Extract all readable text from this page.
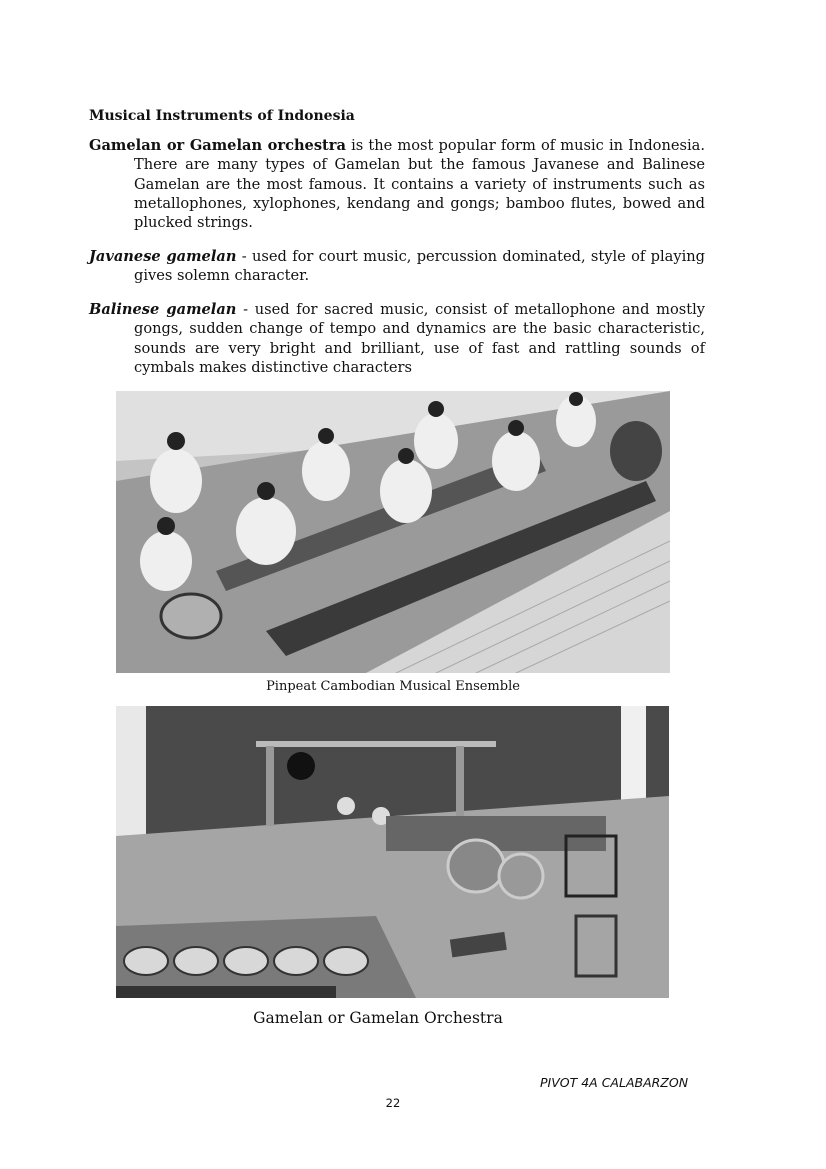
Musical Instruments of Indonesia
Gamelan or Gamelan orchestra is the most popular form of music in Indonesia. There are many types of Gamelan but the famous Javanese and Balinese Gamelan are the most famous. It contains a variety of instruments such as metallophones, xylophones, kendang and gongs; bamboo flutes, bowed and plucked strings.
Javanese gamelan - used for court music, percussion dominated, style of playing gives solemn character.
Balinese gamelan - used for sacred music, consist of metallophone and mostly gongs, sudden change of tempo and dynamics are the basic characteristic, sounds are very bright and brilliant, use of fast and rattling sounds of cymbals makes distinctive characters
Pinpeat Cambodian Musical Ensemble
Gamelan or Gamelan Orchestra
PIVOT 4A CALABARZON
22
